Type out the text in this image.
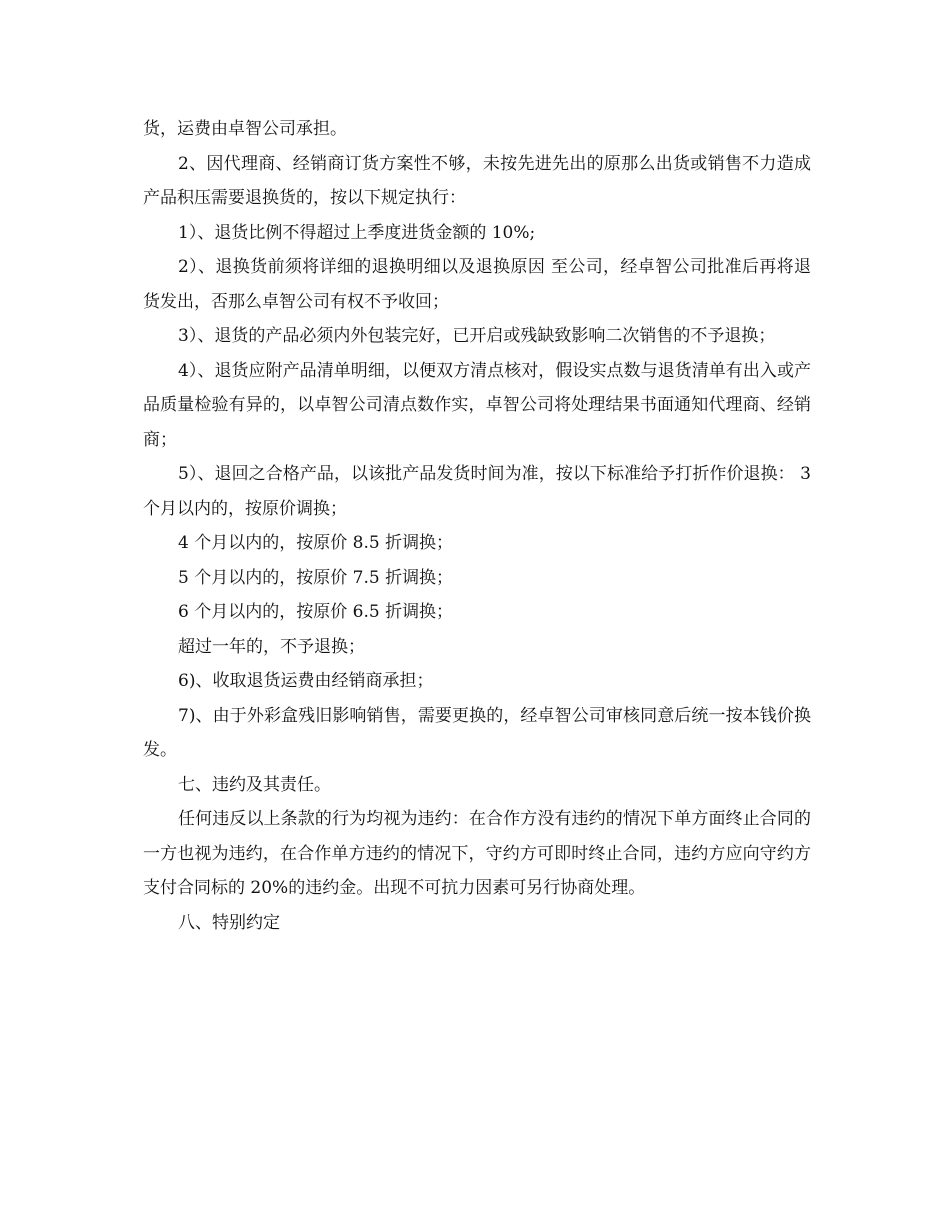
货，运费由卓智公司承担。

2、因代理商、经销商订货方案性不够，未按先进先出的原那么出货或销售不力造成产品积压需要退换货的，按以下规定执行：

1）、退货比例不得超过上季度进货金额的 10%;

2）、退换货前须将详细的退换明细以及退换原因 至公司，经卓智公司批准后再将退货发出，否那么卓智公司有权不予收回；

3）、退货的产品必须内外包装完好，已开启或残缺致影响二次销售的不予退换；

4）、退货应附产品清单明细，以便双方清点核对，假设实点数与退货清单有出入或产品质量检验有异的，以卓智公司清点数作实，卓智公司将处理结果书面通知代理商、经销商；

5）、退回之合格产品，以该批产品发货时间为准，按以下标准给予打折作价退换： 3 个月以内的，按原价调换；

4 个月以内的，按原价 8.5 折调换；

5 个月以内的，按原价 7.5 折调换；

6 个月以内的，按原价 6.5 折调换；

超过一年的，不予退换；

6)、收取退货运费由经销商承担；

7)、由于外彩盒残旧影响销售，需要更换的，经卓智公司审核同意后统一按本钱价换发。

七、违约及其责任。

任何违反以上条款的行为均视为违约：在合作方没有违约的情况下单方面终止合同的一方也视为违约，在合作单方违约的情况下，守约方可即时终止合同，违约方应向守约方支付合同标的 20%的违约金。出现不可抗力因素可另行协商处理。

八、特别约定
